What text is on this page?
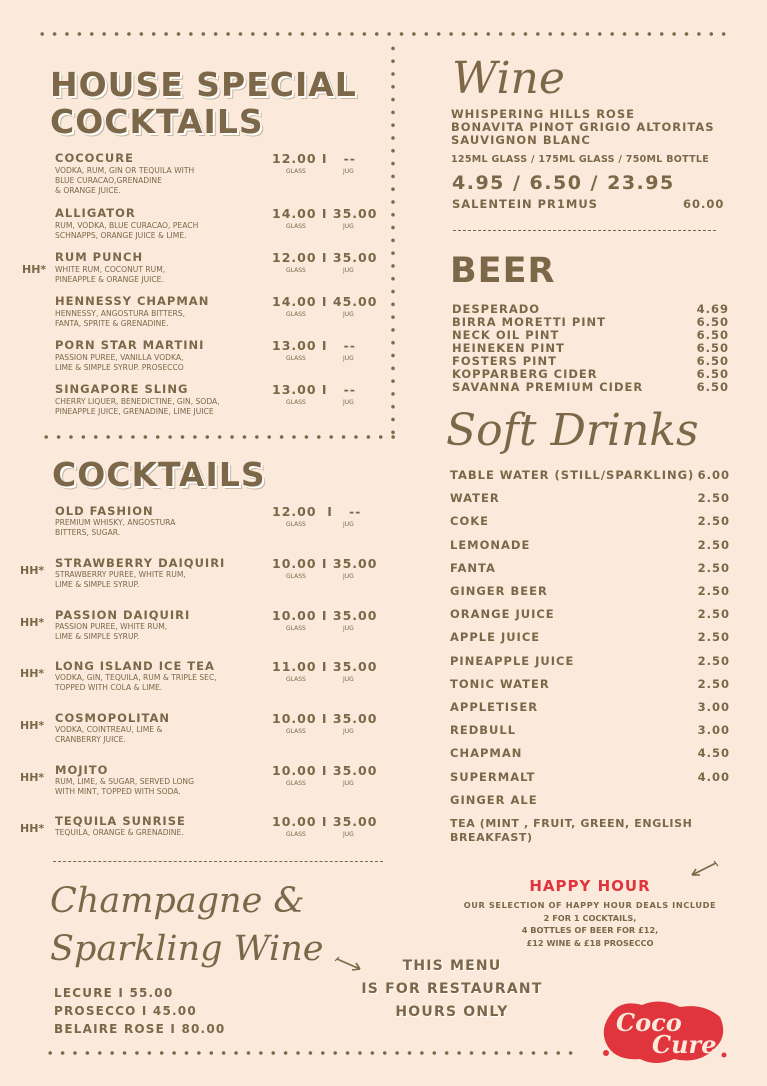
HOUSE SPECIAL
COCKTAILS
COCOCURE
VODKA, RUM, GIN OR TEQUILA WITH
BLUE CURACAO,GRENADINE
& ORANGE JUICE.
12.00 I   --
GLASS	JUG
ALLIGATOR
RUM, VODKA, BLUE CURACAO, PEACH
SCHNAPPS, ORANGE JUICE & LIME.
14.00 I 35.00
GLASS	JUG
HH*
RUM PUNCH
WHITE RUM, COCONUT RUM,
PINEAPPLE & ORANGE JUICE.
12.00 I 35.00
GLASS	JUG
HENNESSY CHAPMAN
HENNESSY, ANGOSTURA BITTERS,
FANTA, SPRITE & GRENADINE.
14.00 I 45.00
GLASS	JUG
PORN STAR MARTINI
PASSION PUREE, VANILLA VODKA,
LIME & SIMPLE SYRUP. PROSECCO
13.00 I   --
GLASS	JUG
SINGAPORE SLING
CHERRY LIQUER, BENEDICTINE, GIN, SODA,
PINEAPPLE JUICE, GRENADINE, LIME JUICE
13.00 I   --
GLASS	JUG
COCKTAILS
OLD FASHION
PREMIUM WHISKY, ANGOSTURA
BITTERS, SUGAR.
12.00  I   --
GLASS	JUG
HH*
STRAWBERRY DAIQUIRI
STRAWBERRY PUREE, WHITE RUM,
LIME & SIMPLE SYRUP.
10.00 I 35.00
GLASS	JUG
HH*
PASSION DAIQUIRI
PASSION PUREE, WHITE RUM,
LIME & SIMPLE SYRUP.
10.00 I 35.00
GLASS	JUG
HH*
LONG ISLAND ICE TEA
VODKA, GIN, TEQUILA, RUM & TRIPLE SEC,
TOPPED WITH COLA & LIME.
11.00 I 35.00
GLASS	JUG
HH*
COSMOPOLITAN
VODKA, COINTREAU, LIME &
CRANBERRY JUICE.
10.00 I 35.00
GLASS	JUG
HH*
MOJITO
RUM, LIME, & SUGAR, SERVED LONG
WITH MINT, TOPPED WITH SODA.
10.00 I 35.00
GLASS	JUG
HH*
TEQUILA SUNRISE
TEQUILA, ORANGE & GRENADINE.
10.00 I 35.00
GLASS	JUG
Champagne &
Sparkling Wine
LECURE I 55.00
PROSECCO I 45.00
BELAIRE ROSE I 80.00
Wine
WHISPERING HILLS ROSE
BONAVITA PINOT GRIGIO ALTORITAS
SAUVIGNON BLANC
125ML GLASS / 175ML GLASS / 750ML BOTTLE
4.95 / 6.50 / 23.95
SALENTEIN PR1MUS	60.00
BEER
DESPERADO	4.69
BIRRA MORETTI PINT	6.50
NECK OIL PINT	6.50
HEINEKEN PINT	6.50
FOSTERS PINT	6.50
KOPPARBERG CIDER	6.50
SAVANNA PREMIUM CIDER	6.50
Soft Drinks
TABLE WATER (STILL/SPARKLING) 6.00
WATER	2.50
COKE	2.50
LEMONADE	2.50
FANTA	2.50
GINGER BEER	2.50
ORANGE JUICE	2.50
APPLE JUICE	2.50
PINEAPPLE JUICE	2.50
TONIC WATER	2.50
APPLETISER	3.00
REDBULL	3.00
CHAPMAN	4.50
SUPERMALT	4.00
GINGER ALE
TEA (MINT , FRUIT, GREEN, ENGLISH BREAKFAST)
HAPPY HOUR
OUR SELECTION OF HAPPY HOUR DEALS INCLUDE
2 FOR 1 COCKTAILS,
4 BOTTLES OF BEER FOR £12,
£12 WINE & £18 PROSECCO
THIS MENU
IS FOR RESTAURANT
HOURS ONLY	Coco
Cure
